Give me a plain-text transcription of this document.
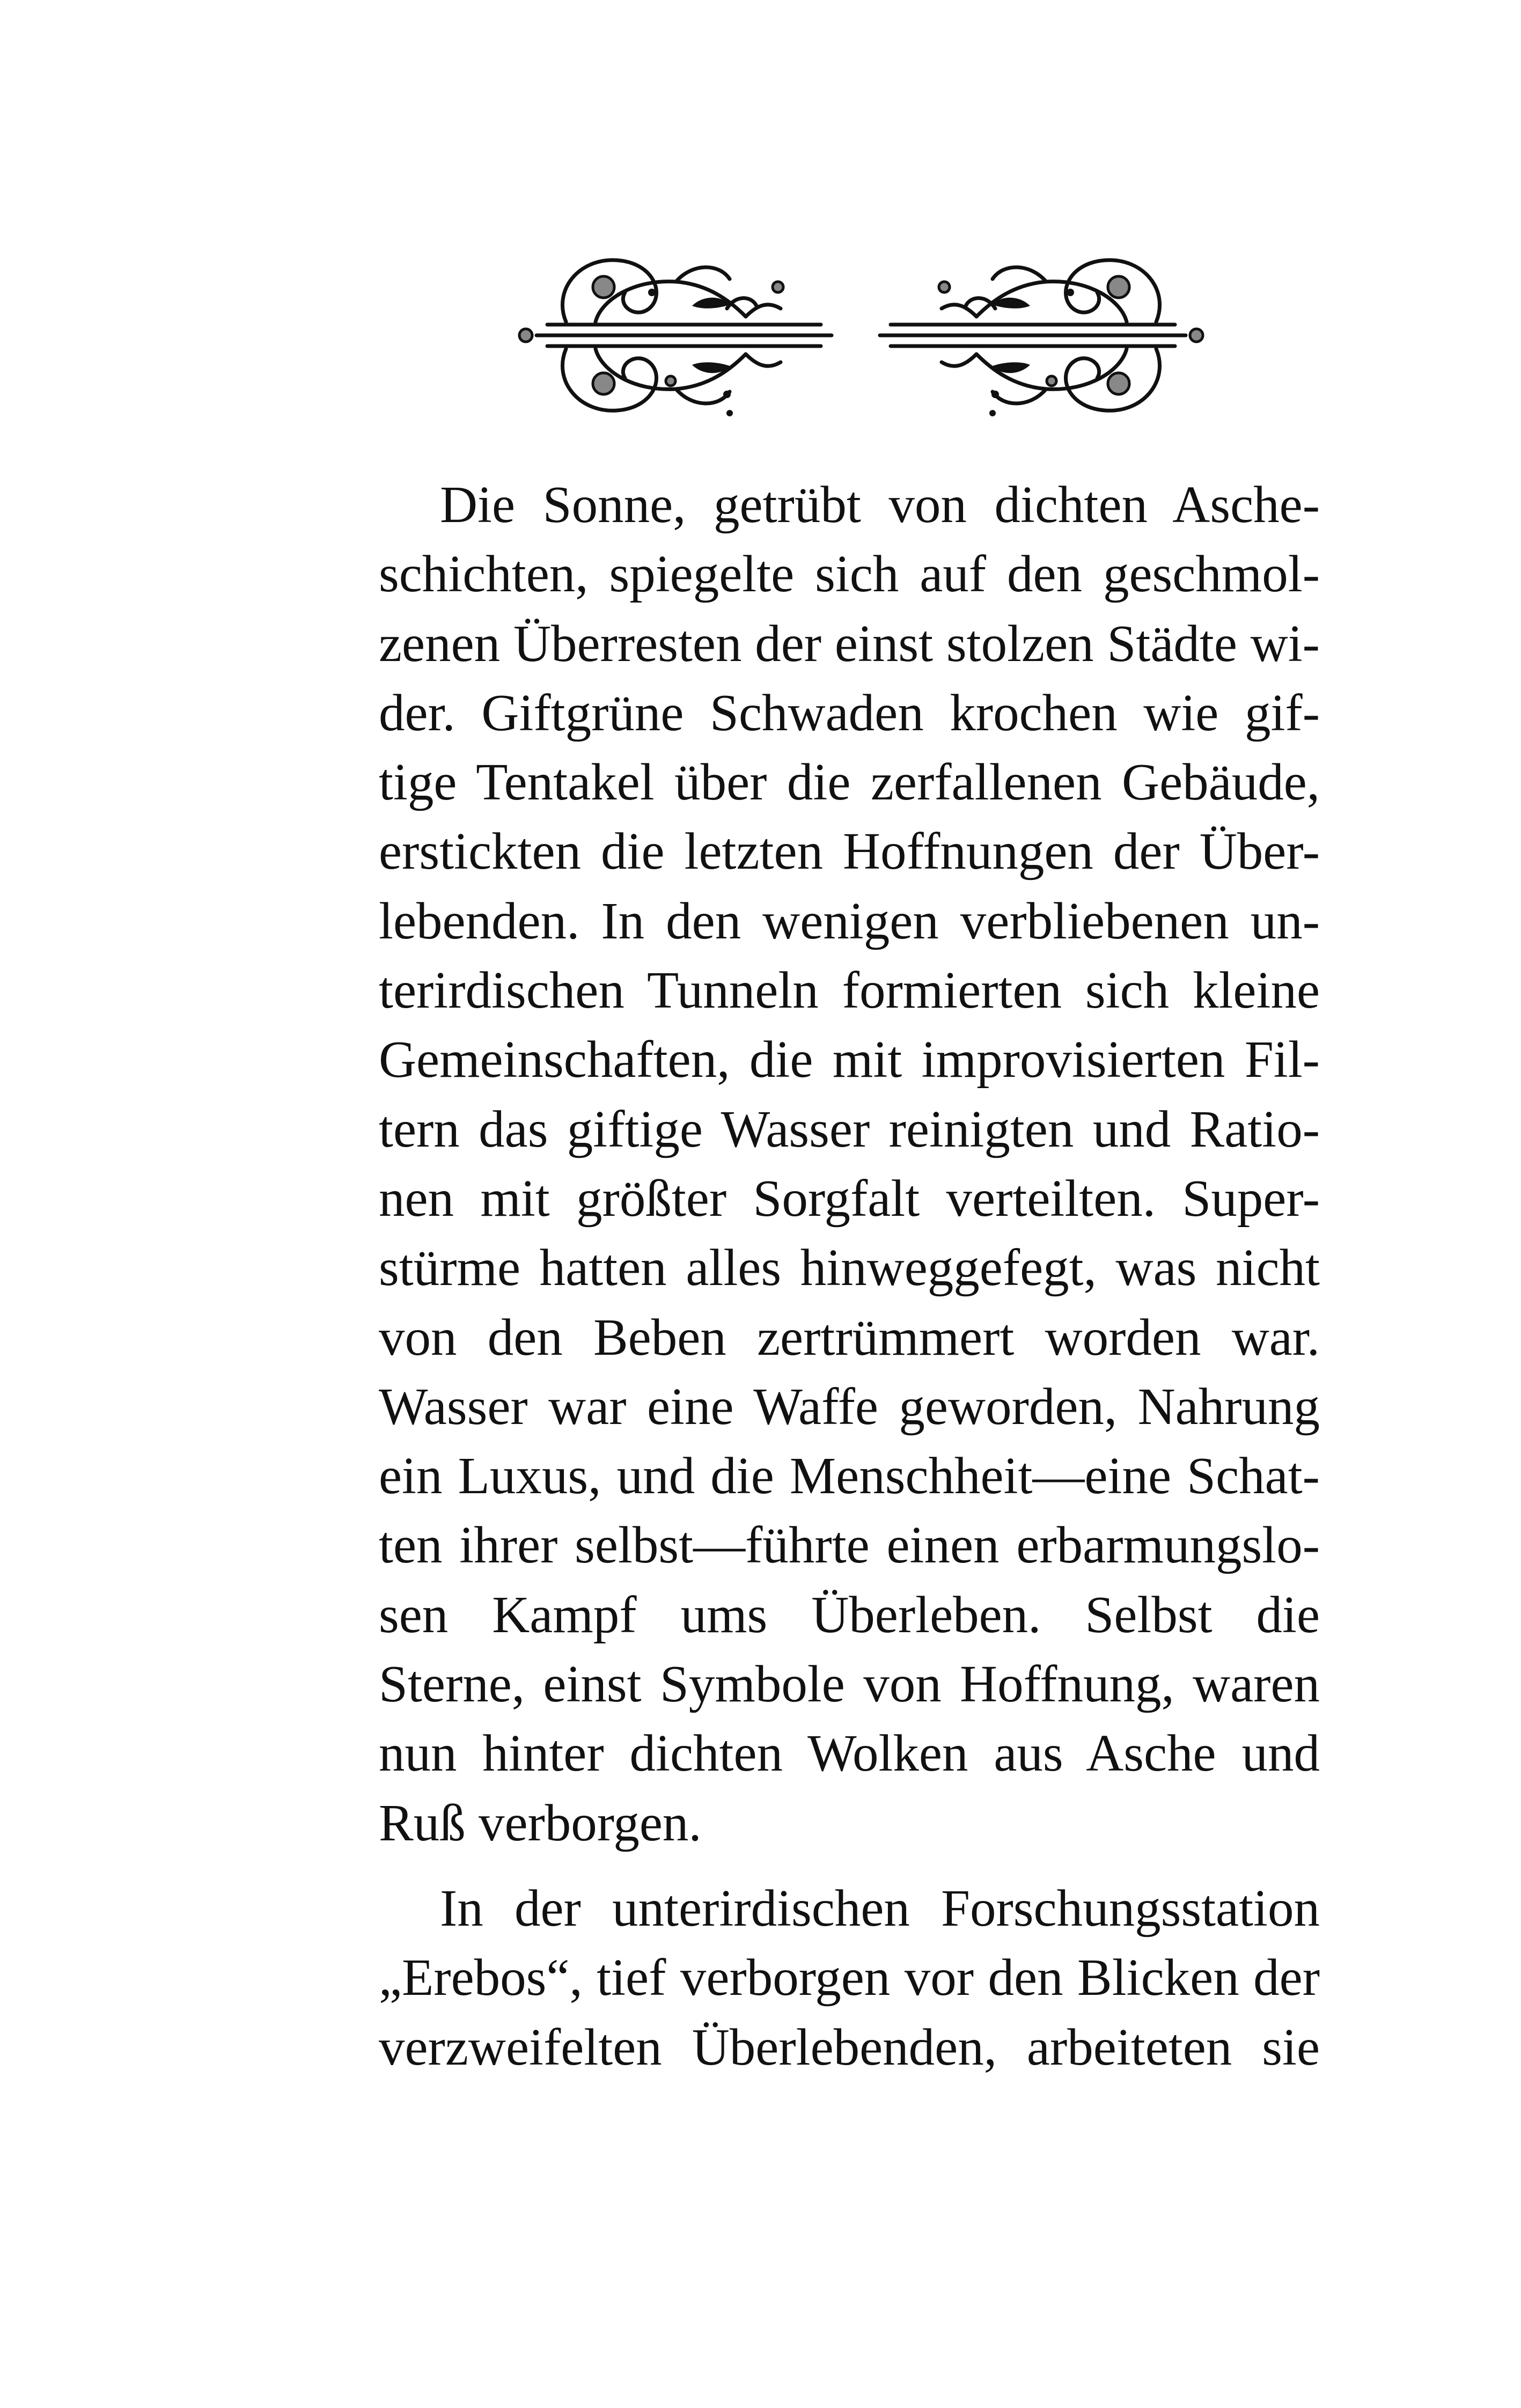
Die Sonne, getrübt von dichten Asche-
schichten, spiegelte sich auf den geschmol-
zenen Überresten der einst stolzen Städte wi-
der. Giftgrüne Schwaden krochen wie gif-
tige Tentakel über die zerfallenen Gebäude,
erstickten die letzten Hoffnungen der Über-
lebenden. In den wenigen verbliebenen un-
terirdischen Tunneln formierten sich kleine
Gemeinschaften, die mit improvisierten Fil-
tern das giftige Wasser reinigten und Ratio-
nen mit größter Sorgfalt verteilten. Super-
stürme hatten alles hinweggefegt, was nicht
von den Beben zertrümmert worden war.
Wasser war eine Waffe geworden, Nahrung
ein Luxus, und die Menschheit—eine Schat-
ten ihrer selbst—führte einen erbarmungslo-
sen Kampf ums Überleben. Selbst die
Sterne, einst Symbole von Hoffnung, waren
nun hinter dichten Wolken aus Asche und
Ruß verborgen.
In der unterirdischen Forschungsstation
„Erebos“, tief verborgen vor den Blicken der
verzweifelten Überlebenden, arbeiteten sie
